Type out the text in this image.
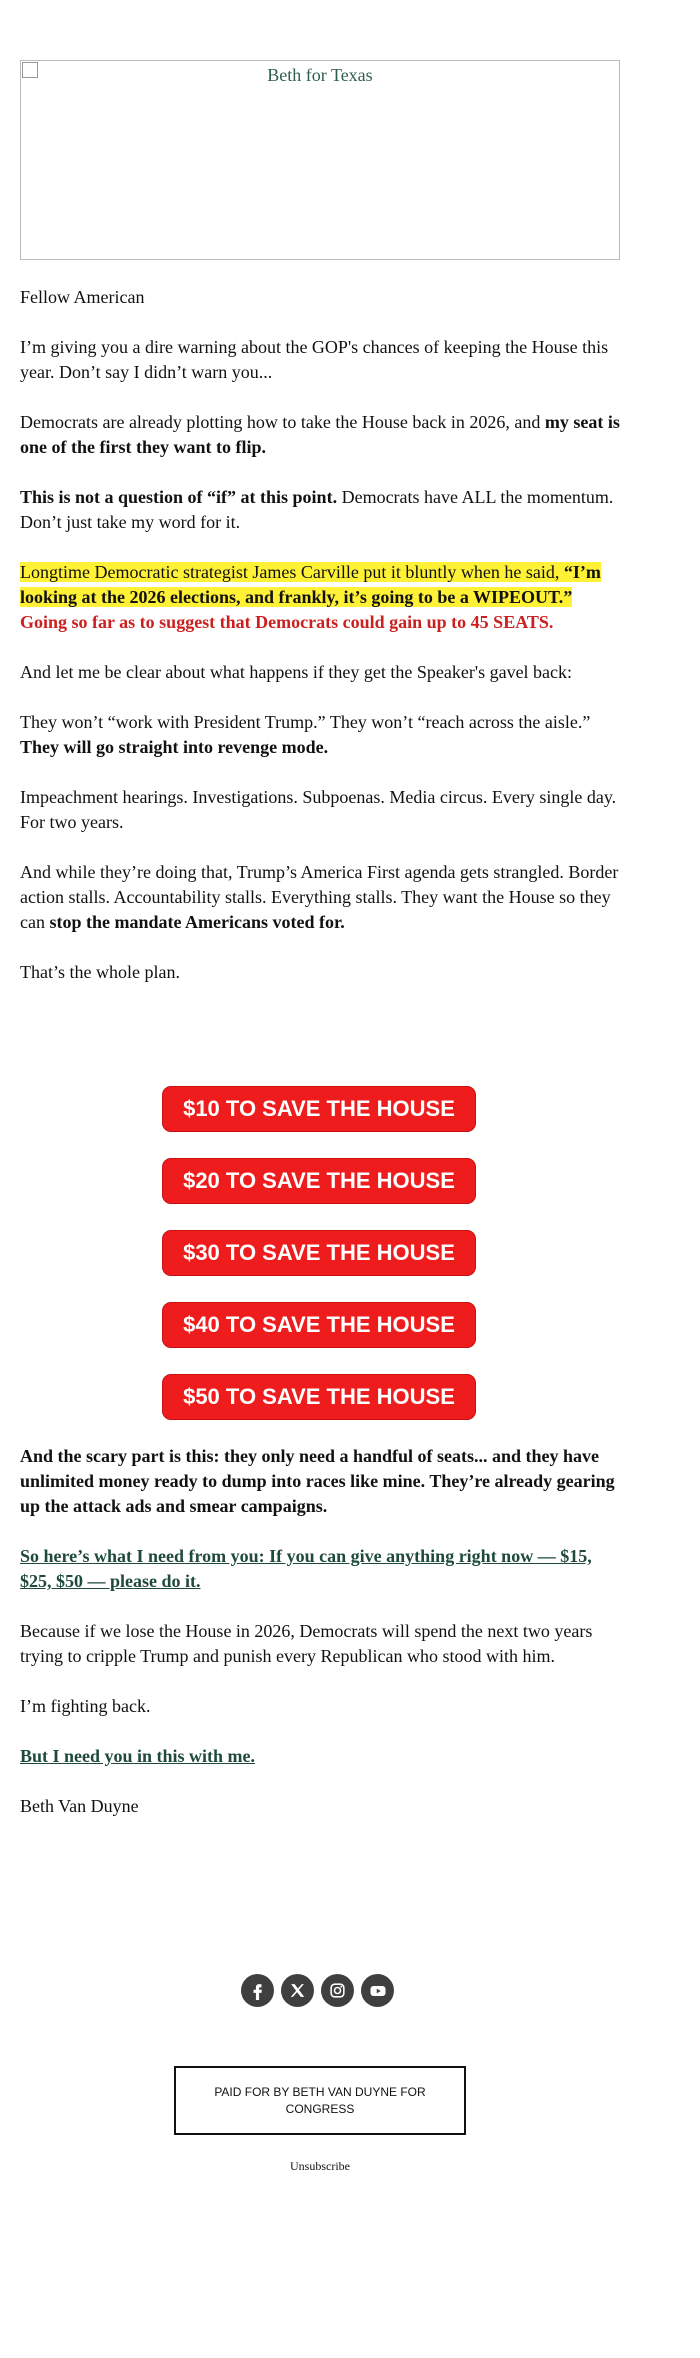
Beth for Texas

Fellow American

I’m giving you a dire warning about the GOP's chances of keeping the House this year. Don’t say I didn’t warn you...

Democrats are already plotting how to take the House back in 2026, and my seat is one of the first they want to flip.

This is not a question of “if” at this point. Democrats have ALL the momentum. Don’t just take my word for it.

Longtime Democratic strategist James Carville put it bluntly when he said, “I’m looking at the 2026 elections, and frankly, it’s going to be a WIPEOUT.” Going so far as to suggest that Democrats could gain up to 45 SEATS.

And let me be clear about what happens if they get the Speaker's gavel back:

They won’t “work with President Trump.” They won’t “reach across the aisle.” They will go straight into revenge mode.

Impeachment hearings. Investigations. Subpoenas. Media circus. Every single day. For two years.

And while they’re doing that, Trump’s America First agenda gets strangled. Border action stalls. Accountability stalls. Everything stalls. They want the House so they can stop the mandate Americans voted for.

That’s the whole plan.

$10 TO SAVE THE HOUSE
$20 TO SAVE THE HOUSE
$30 TO SAVE THE HOUSE
$40 TO SAVE THE HOUSE
$50 TO SAVE THE HOUSE

And the scary part is this: they only need a handful of seats... and they have unlimited money ready to dump into races like mine. They’re already gearing up the attack ads and smear campaigns.

So here’s what I need from you: If you can give anything right now — $15, $25, $50 — please do it.

Because if we lose the House in 2026, Democrats will spend the next two years trying to cripple Trump and punish every Republican who stood with him.

I’m fighting back.

But I need you in this with me.

Beth Van Duyne

PAID FOR BY BETH VAN DUYNE FOR CONGRESS
Unsubscribe
